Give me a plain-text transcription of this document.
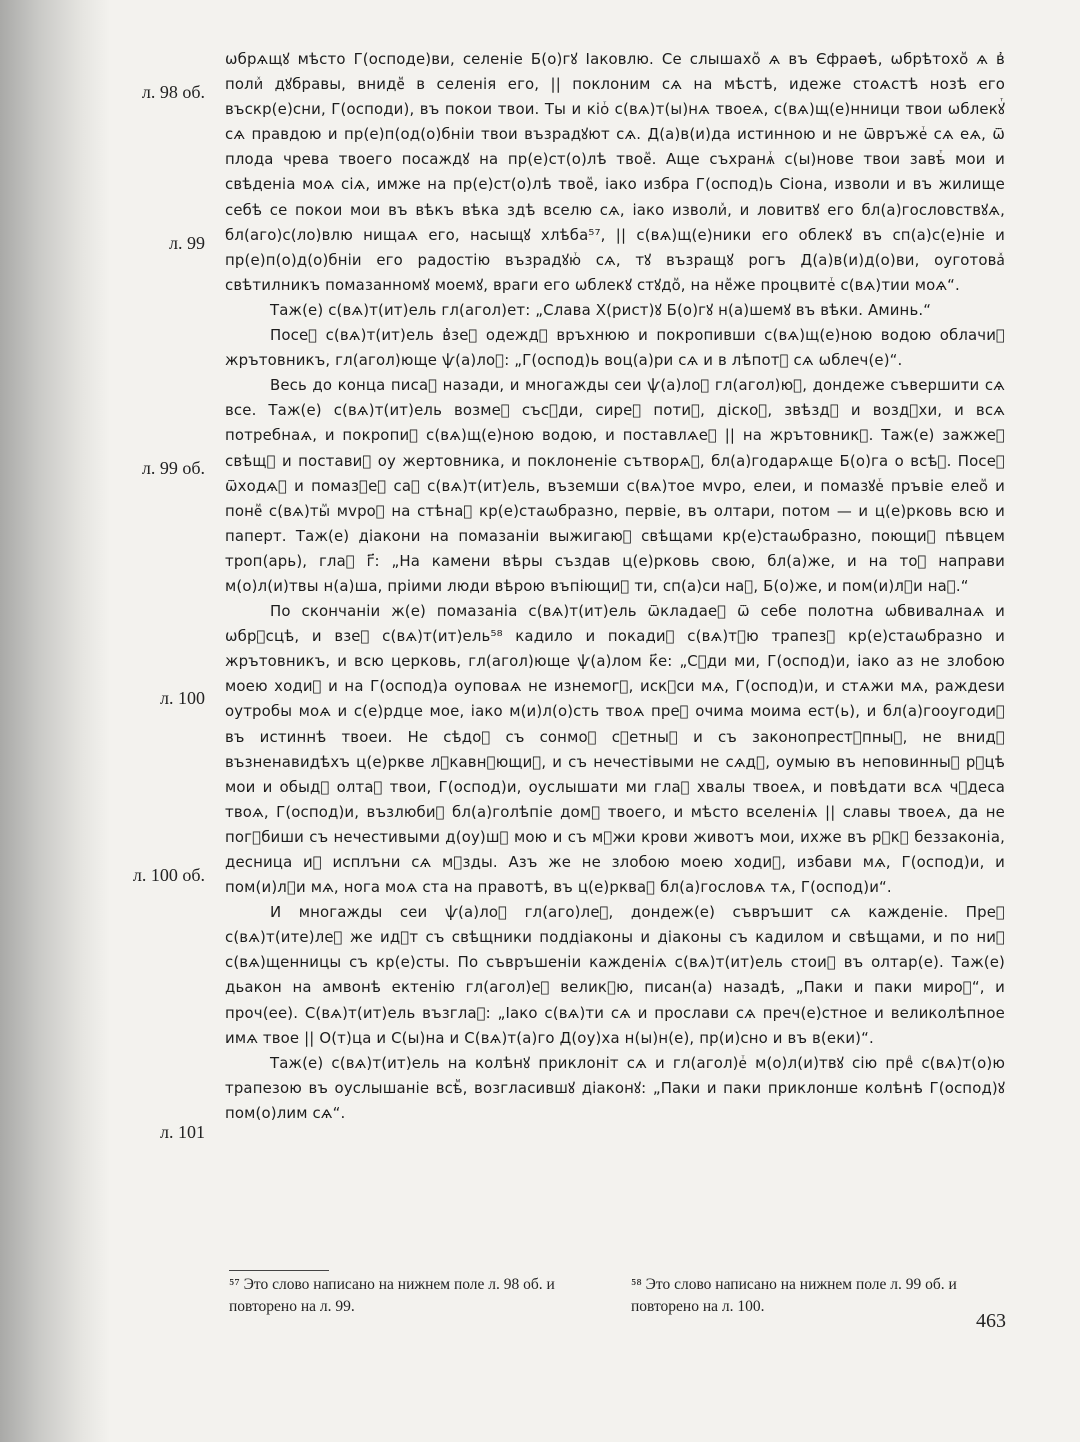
л. 98 об.
л. 99
л. 99 об.
л. 100
л. 100 об.
л. 101

ѡбрѧщꙋ мѣсто Г(осподе)ви, селеніе Б(о)гꙋ Іаковлю. Се слышахоⷨ ѧ въ Єфраѳѣ, ѡбрѣтохоⷨ ѧ в҆ полиⷯ дꙋбравы, внидеⷨ в селенія его, || поклоним сѧ на мѣстѣ, идеже стоѧстѣ нозѣ его въскр(е)сни, Г(осподи), въ покои твои. Ты и кіоⷮ с(вѧ)т(ы)нѧ твоеѧ, с(вѧ)щ(е)нници твои ѡблекꙋⷮ сѧ правдою и пр(е)п(од(о)бніи твои възрадꙋют сѧ. Д(а)в(и)да истинною и не ѿвръжеⷮ сѧ еѧ, ѿ плода чрева твоего посаждꙋ на пр(е)ст(о)лѣ твоеⷨ. Аще съхранѧⷮ с(ы)нове твои завѣⷮ мои и свѣденіа моѧ сіѧ, имже на пр(е)ст(о)лѣ твоеⷨ, іако избра Г(оспод)ь Сіона, изволи и въ жилище себѣ се покои мои въ вѣкъ вѣка здѣ вселю сѧ, іако изволиⷯ, и ловитвꙋ его бл(а)гословствꙋѧ, бл(аго)с(ло)влю нищаѧ его, насыщꙋ хлѣба⁵⁷, || с(вѧ)щ(е)ники его облекꙋ въ сп(а)с(е)ніе и пр(е)п(о)д(о)бніи его радостію възрадꙋюⷮ сѧ, тꙋ възращꙋ рогъ Д(а)в(и)д(о)ви, оуготоваⷯ свѣтилникъ помазанномꙋ моемꙋ, враги его ѡблекꙋ стꙋдоⷨ, на неⷨже процвитеⷮ с(вѧ)тии моѧ“.

Таж(е) с(вѧ)т(ит)ель гл(агол)ет: „Слава Х(рист)ꙋ Б(о)гꙋ н(а)шемꙋ въ вѣки. Аминь.“

Посеⷨ с(вѧ)т(ит)ель в҆зеⷨ одеждꙋ връхнюю и покропивши с(вѧ)щ(е)ною водою облачиⷮ жрътовникъ, гл(агол)юще ѱ(а)лоⷨ: „Г(оспод)ь воц(а)ри сѧ и в лѣпотꙋ сѧ ѡблеч(е)“.

Весь до конца писаⷩ назади, и многажды сеи ѱ(а)лоⷨ гл(агол)юⷮ, дондеже съвершити сѧ все. Таж(е) с(вѧ)т(ит)ель возмеⷮ съсꙋди, сиреⷱ потиⷬ, діскоⷭ, звѣздꙋ и воздꙋхи, и всѧ потребнаѧ, и покропиⷮ с(вѧ)щ(е)ною водою, и поставлѧеⷮ || на жрътовникꙋ. Таж(е) зажжеⷮ свѣщꙋ и поставиⷮ оу жертовника, и поклоненіе сътворѧⷮ, бл(а)годарѧще Б(о)га о всѣⷯ. Посеⷨ ѿходѧⷮ и помазꙋеⷮ саⷨ с(вѧ)т(ит)ель, въземши с(вѧ)тое мvро, елеи, и помазꙋеⷮ пръвіе елеоⷨ и понеⷨ с(вѧ)тыⷨ мvроⷨ на стѣнаⷯ кр(е)стаѡбразно, первіе, въ олтари, потом — и ц(е)рковь всю и паперт. Таж(е) діакони на помазаніи выжигаюⷮ свѣщами кр(е)стаѡбразно, поющиⷨ пѣвцем троп(арь), глаⷭ г҃: „На камени вѣры създав ц(е)рковь свою, бл(а)же, и на тоⷨ направи м(о)л(и)твы н(а)ша, пріими люди вѣрою въпіющиⷯ ти, сп(а)си наⷭ, Б(о)же, и пом(и)лꙋи наⷭ.“

По скончаніи ж(е) помазаніа с(вѧ)т(ит)ель ѿкладаеⷮ ѿ себе полотна ѡбвивалнаѧ и ѡбрꙋсцѣ, и взеⷨ с(вѧ)т(ит)ель⁵⁸ кадило и покадиⷮ с(вѧ)тꙋю трапезꙋ кр(е)стаѡбразно и жрътовникъ, и всю церковь, гл(агол)юще ѱ(а)лом к҃е: „Сꙋди ми, Г(оспод)и, іако аз не злобою моею ходиⷯ и на Г(оспод)а оуповаѧ не изнемогꙋ, искꙋси мѧ, Г(оспод)и, и стѧжи мѧ, раждеѕи оутробы моѧ и с(е)рдце мое, іако м(и)л(о)сть твоѧ преⷣ очима моима ест(ь), и бл(а)гооугодиⷯ въ истиннѣ твоеи. Не сѣдоⷯ съ сонмоⷨ сꙋетныⷨ и съ законопрестꙋпныⷨ, не внидꙋ възненавидѣхъ ц(е)ркве лꙋкавнꙋющиⷯ, и съ нечестівыми не сѧдꙋ, оумыю въ неповинныⷯ рꙋцѣ мои и обыдꙋ олтаⷬ твои, Г(оспод)и, оуслышати ми глаⷭ хвалы твоеѧ, и повѣдати всѧ чꙋдеса твоѧ, Г(оспод)и, възлюбиⷯ бл(а)голѣпіе домꙋ твоего, и мѣсто вселеніѧ || славы твоеѧ, да не погꙋбиши съ нечестивыми д(оу)шꙋ мою и съ мꙋжи крови животъ мои, ихже въ рꙋкꙋ беззаконіа, десница иⷯ исплъни сѧ мꙿзды. Азъ же не злобою моею ходиⷯ, избави мѧ, Г(оспод)и, и пом(и)лꙋи мѧ, нога моѧ ста на правотѣ, въ ц(е)ркваⷯ бл(а)гословѧ тѧ, Г(оспод)и“.

И многажды сеи ѱ(а)лоⷨ гл(аго)леⷨ, дондеж(е) съвръшит сѧ кажденіе. Преⷣ с(вѧ)т(ите)леⷨ же идꙋт съ свѣщники поддіаконы и діаконы съ кадилом и свѣщами, и по ниⷯ с(вѧ)щенницы съ кр(е)сты. По съвръшеніи кажденіѧ с(вѧ)т(ит)ель стоиⷮ въ олтар(е). Таж(е) дьакон на амвонѣ ектенію гл(агол)еⷮ великꙋю, писан(а) назадѣ, „Паки и паки мироⷨ“, и проч(ее). С(вѧ)т(ит)ель възглаⷭ: „Іако с(вѧ)ти сѧ и прослави сѧ преч(е)стное и великолѣпное имѧ твое || О(т)ца и С(ы)на и С(вѧ)т(а)го Д(оу)ха н(ы)н(е), пр(и)сно и въ в(еки)“.

Таж(е) с(вѧ)т(ит)ель на колѣнꙋ приклоніт сѧ и гл(агол)еⷮ м(о)л(и)твꙋ сію преⷣ с(вѧ)т(о)ю трапезою въ оуслышаніе всѣⷨ, возгласившꙋ діаконꙋ: „Паки и паки приклонше колѣнѣ Г(оспод)ꙋ пом(о)лим сѧ“.

⁵⁷ Это слово написано на нижнем поле л. 98 об. и повторено на л. 99.
⁵⁸ Это слово написано на нижнем поле л. 99 об. и повторено на л. 100.
463
